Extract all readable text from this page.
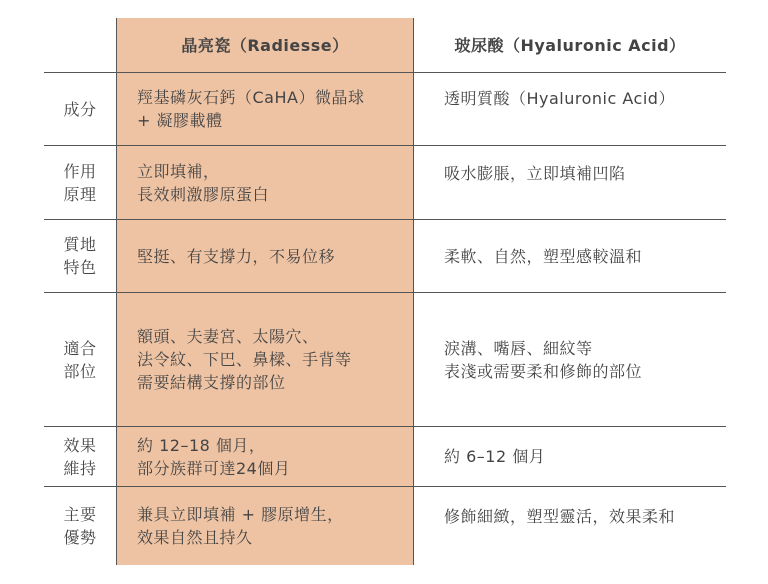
晶亮瓷（Radiesse）	玻尿酸（Hyaluronic Acid）
成分
羥基磷灰石鈣（CaHA）微晶球
+ 凝膠載體
透明質酸（Hyaluronic Acid）
作用
原理
立即填補，
長效刺激膠原蛋白
吸水膨脹，立即填補凹陷
質地
特色
堅挺、有支撐力，不易位移	柔軟、自然，塑型感較溫和
適合
部位
額頭、夫妻宮、太陽穴、
法令紋、下巴、鼻樑、手背等
需要結構支撐的部位
淚溝、嘴唇、細紋等
表淺或需要柔和修飾的部位
效果
維持
約 12–18 個月，
部分族群可達24個月
約 6–12 個月
主要
優勢
兼具立即填補 + 膠原增生，
效果自然且持久
修飾細緻，塑型靈活，效果柔和
